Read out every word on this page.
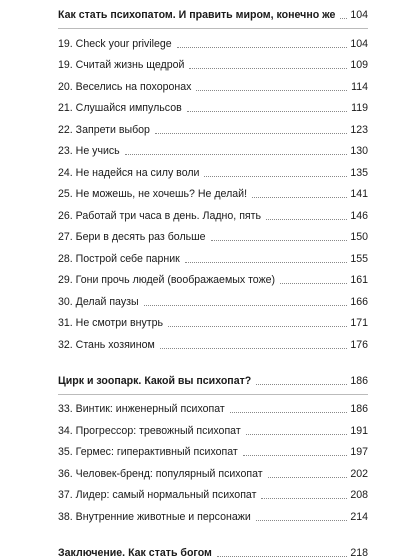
Как стать психопатом. И править миром, конечно же 104
19. Check your privilege	104
19. Считай жизнь щедрой	109
20. Веселись на похоронах	114
21. Слушайся импульсов	119
22. Запрети выбор	123
23. Не учись	130
24. Не надейся на силу воли	135
25. Не можешь, не хочешь? Не делай!	141
26. Работай три часа в день. Ладно, пять	146
27. Бери в десять раз больше	150
28. Построй себе парник	155
29. Гони прочь людей (воображаемых тоже)	161
30. Делай паузы	166
31. Не смотри внутрь	171
32. Стань хозяином	176
Цирк и зоопарк. Какой вы психопат?	186
33. Винтик: инженерный психопат	186
34. Прогрессор: тревожный психопат	191
35. Гермес: гиперактивный психопат	197
36. Человек-бренд: популярный психопат	202
37. Лидер: самый нормальный психопат	208
38. Внутренние животные и персонажи	214
Заключение. Как стать богом	218
